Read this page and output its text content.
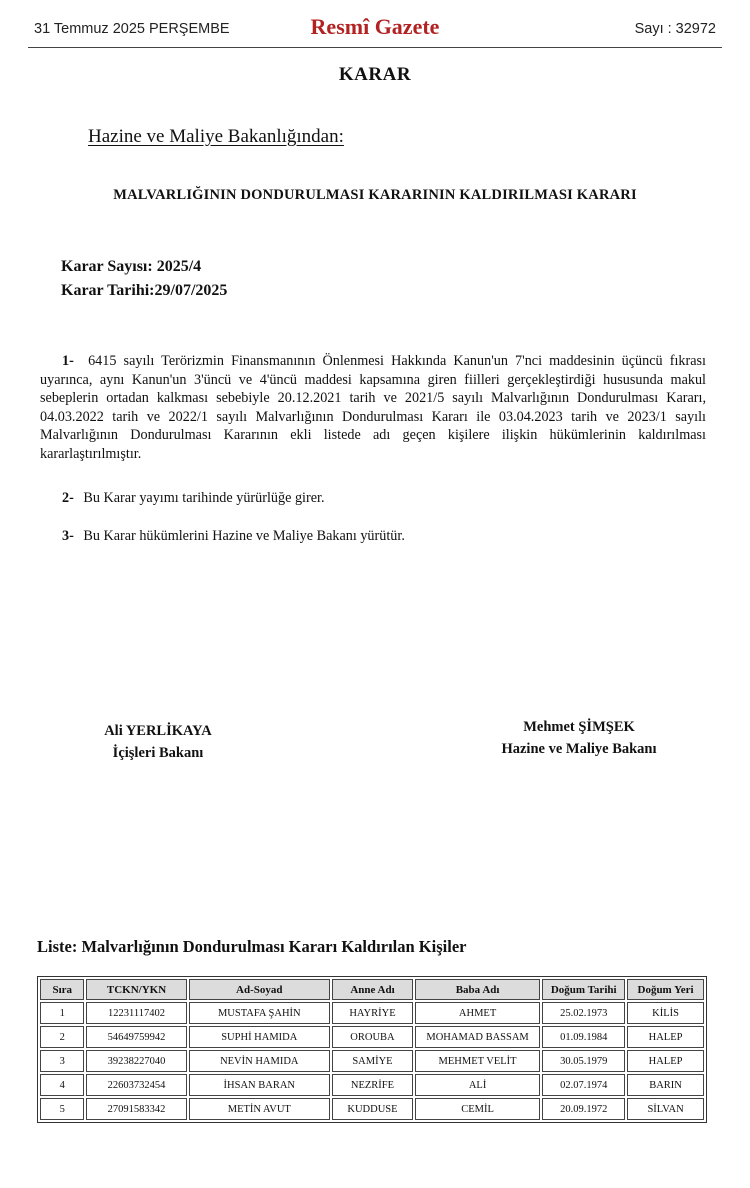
31 Temmuz 2025 PERŞEMBE	Resmî Gazete	Sayı : 32972
KARAR
Hazine ve Maliye Bakanlığından:
MALVARLIĞININ DONDURULMASI KARARININ KALDIRILMASI KARARI
Karar Sayısı: 2025/4
Karar Tarihi:29/07/2025
1- 6415 sayılı Terörizmin Finansmanının Önlenmesi Hakkında Kanun'un 7'nci maddesinin üçüncü fıkrası uyarınca, aynı Kanun'un 3'üncü ve 4'üncü maddesi kapsamına giren fiilleri gerçekleştirdiği hususunda makul sebeplerin ortadan kalkması sebebiyle 20.12.2021 tarih ve 2021/5 sayılı Malvarlığının Dondurulması Kararı, 04.03.2022 tarih ve 2022/1 sayılı Malvarlığının Dondurulması Kararı ile 03.04.2023 tarih ve 2023/1 sayılı Malvarlığının Dondurulması Kararının ekli listede adı geçen kişilere ilişkin hükümlerinin kaldırılması kararlaştırılmıştır.
2- Bu Karar yayımı tarihinde yürürlüğe girer.
3- Bu Karar hükümlerini Hazine ve Maliye Bakanı yürütür.
Ali YERLİKAYA
İçişleri Bakanı
Mehmet ŞİMŞEK
Hazine ve Maliye Bakanı
Liste: Malvarlığının Dondurulması Kararı Kaldırılan Kişiler
Sıra	TCKN/YKN	Ad-Soyad	Anne Adı	Baba Adı	Doğum Tarihi	Doğum Yeri
1	12231117402	MUSTAFA ŞAHİN	HAYRİYE	AHMET	25.02.1973	KİLİS
2	54649759942	SUPHİ HAMIDA	OROUBA	MOHAMAD BASSAM	01.09.1984	HALEP
3	39238227040	NEVİN HAMIDA	SAMİYE	MEHMET VELİT	30.05.1979	HALEP
4	22603732454	İHSAN BARAN	NEZRİFE	ALİ	02.07.1974	BARIN
5	27091583342	METİN AVUT	KUDDUSE	CEMİL	20.09.1972	SİLVAN
